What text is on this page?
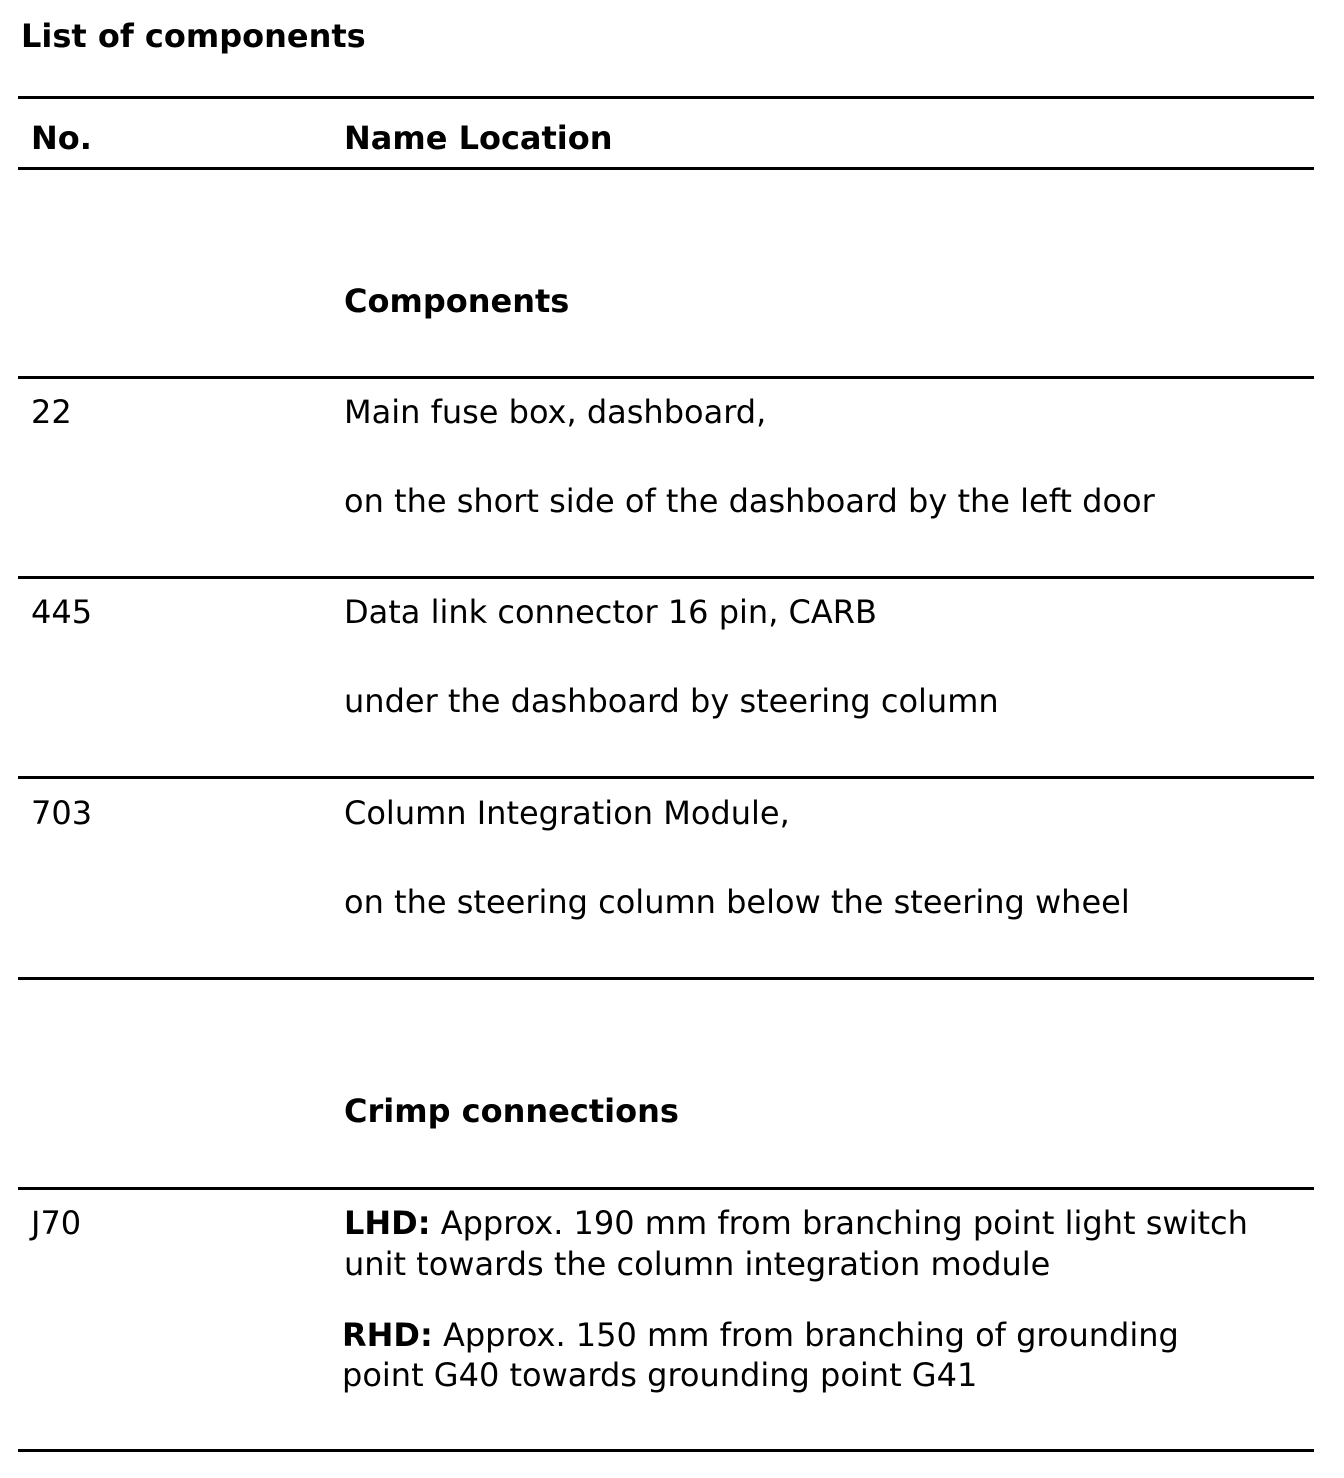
List of components
No.	Name Location
Components
22	Main fuse box, dashboard,
on the short side of the dashboard by the left door
445	Data link connector 16 pin, CARB
under the dashboard by steering column
703	Column Integration Module,
on the steering column below the steering wheel
Crimp connections
J70	LHD: Approx. 190 mm from branching point light switch
unit towards the column integration module
RHD: Approx. 150 mm from branching of grounding
point G40 towards grounding point G41
